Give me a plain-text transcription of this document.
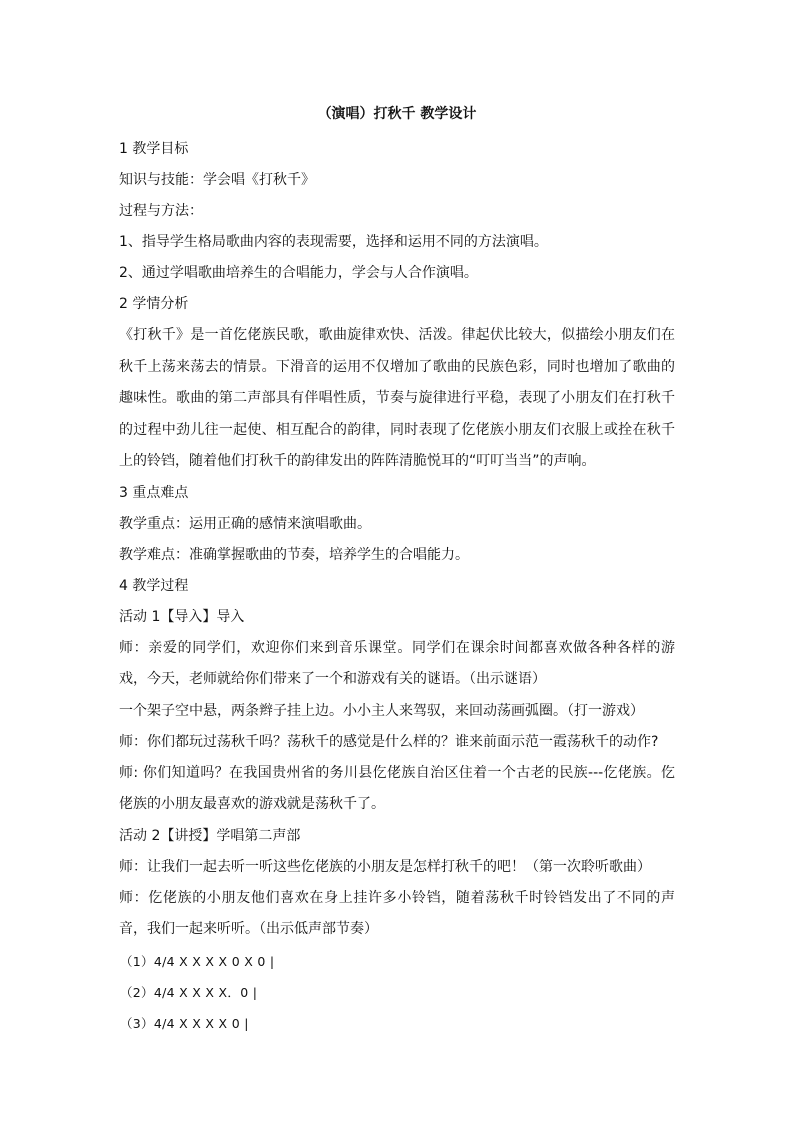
（演唱）打秋千 教学设计

1 教学目标

知识与技能：学会唱《打秋千》

过程与方法：

1、指导学生格局歌曲内容的表现需要，选择和运用不同的方法演唱。

2、通过学唱歌曲培养生的合唱能力，学会与人合作演唱。

2 学情分析

《打秋千》是一首仡佬族民歌，歌曲旋律欢快、活泼。律起伏比较大，似描绘小朋友们在秋千上荡来荡去的情景。下滑音的运用不仅增加了歌曲的民族色彩，同时也增加了歌曲的趣味性。歌曲的第二声部具有伴唱性质，节奏与旋律进行平稳，表现了小朋友们在打秋千的过程中劲儿往一起使、相互配合的韵律，同时表现了仡佬族小朋友们衣服上或拴在秋千上的铃铛，随着他们打秋千的韵律发出的阵阵清脆悦耳的“叮叮当当”的声响。

3 重点难点

教学重点：运用正确的感情来演唱歌曲。

教学难点：准确掌握歌曲的节奏，培养学生的合唱能力。

4 教学过程

活动 1【导入】导入

师：亲爱的同学们，欢迎你们来到音乐课堂。同学们在课余时间都喜欢做各种各样的游戏，今天，老师就给你们带来了一个和游戏有关的谜语。（出示谜语）

一个架子空中悬，两条辫子挂上边。小小主人来驾驭，来回动荡画弧圈。（打一游戏）

师：你们都玩过荡秋千吗？荡秋千的感觉是什么样的？谁来前面示范一霞荡秋千的动作?

师: 你们知道吗？在我国贵州省的务川县仡佬族自治区住着一个古老的民族---仡佬族。仡佬族的小朋友最喜欢的游戏就是荡秋千了。

活动 2【讲授】学唱第二声部

师：让我们一起去听一听这些仡佬族的小朋友是怎样打秋千的吧！（第一次聆听歌曲）

师：仡佬族的小朋友他们喜欢在身上挂许多小铃铛，随着荡秋千时铃铛发出了不同的声音，我们一起来听听。（出示低声部节奏）

（1）4/4 X X X X 0 X 0 |
（2）4/4 X X X X．0 |
（3）4/4 X X X X 0 |
